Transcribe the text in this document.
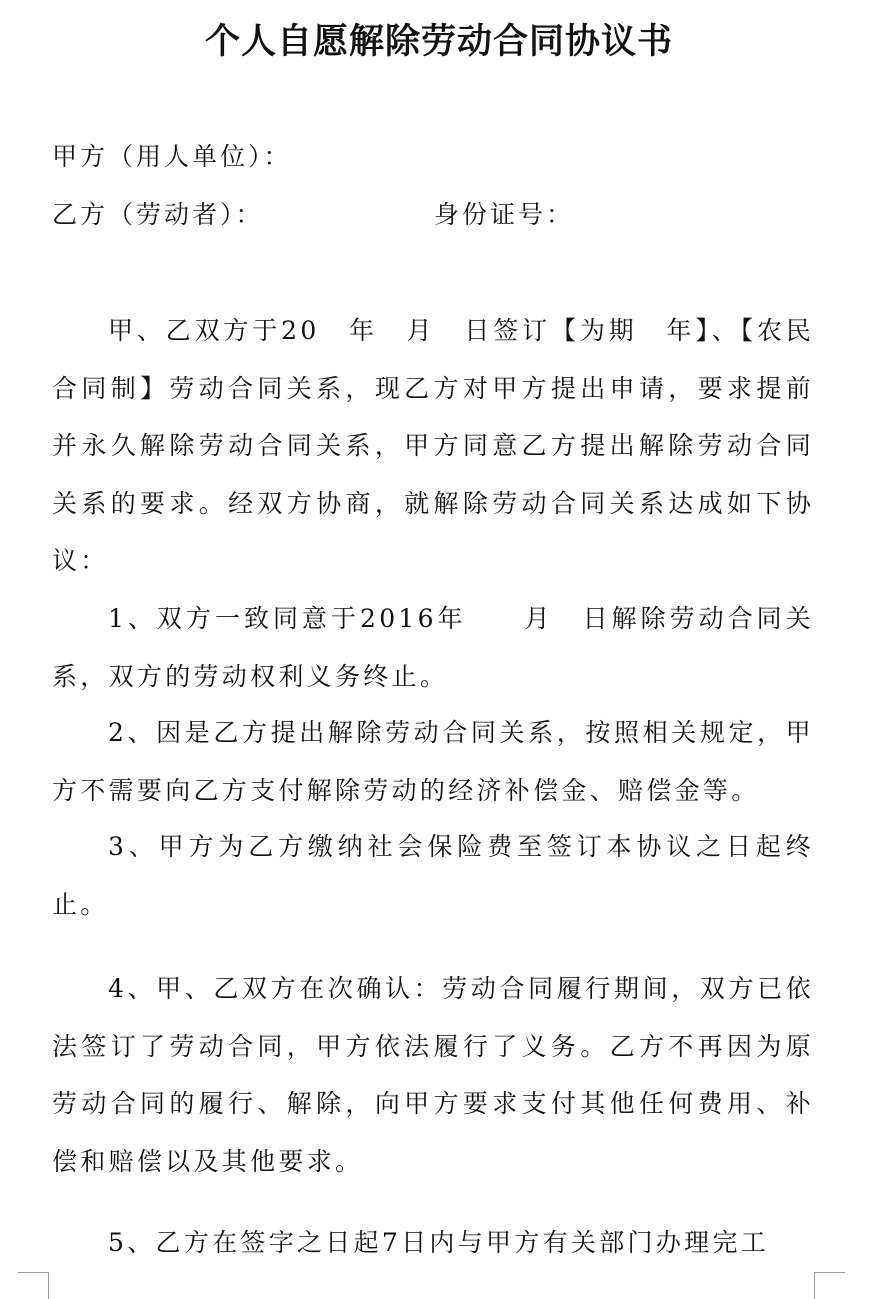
个人自愿解除劳动合同协议书

甲方（用人单位）：

乙方（劳动者）：	身份证号：

甲、乙双方于20　年　月　日签订【为期　年】、【农民合同制】劳动合同关系，现乙方对甲方提出申请，要求提前并永久解除劳动合同关系，甲方同意乙方提出解除劳动合同关系的要求。经双方协商，就解除劳动合同关系达成如下协议：

1、双方一致同意于2016年　　月　日解除劳动合同关系，双方的劳动权利义务终止。

2、因是乙方提出解除劳动合同关系，按照相关规定，甲方不需要向乙方支付解除劳动的经济补偿金、赔偿金等。

3、甲方为乙方缴纳社会保险费至签订本协议之日起终止。

4、甲、乙双方在次确认：劳动合同履行期间，双方已依法签订了劳动合同，甲方依法履行了义务。乙方不再因为原劳动合同的履行、解除，向甲方要求支付其他任何费用、补偿和赔偿以及其他要求。

5、乙方在签字之日起7日内与甲方有关部门办理完工
